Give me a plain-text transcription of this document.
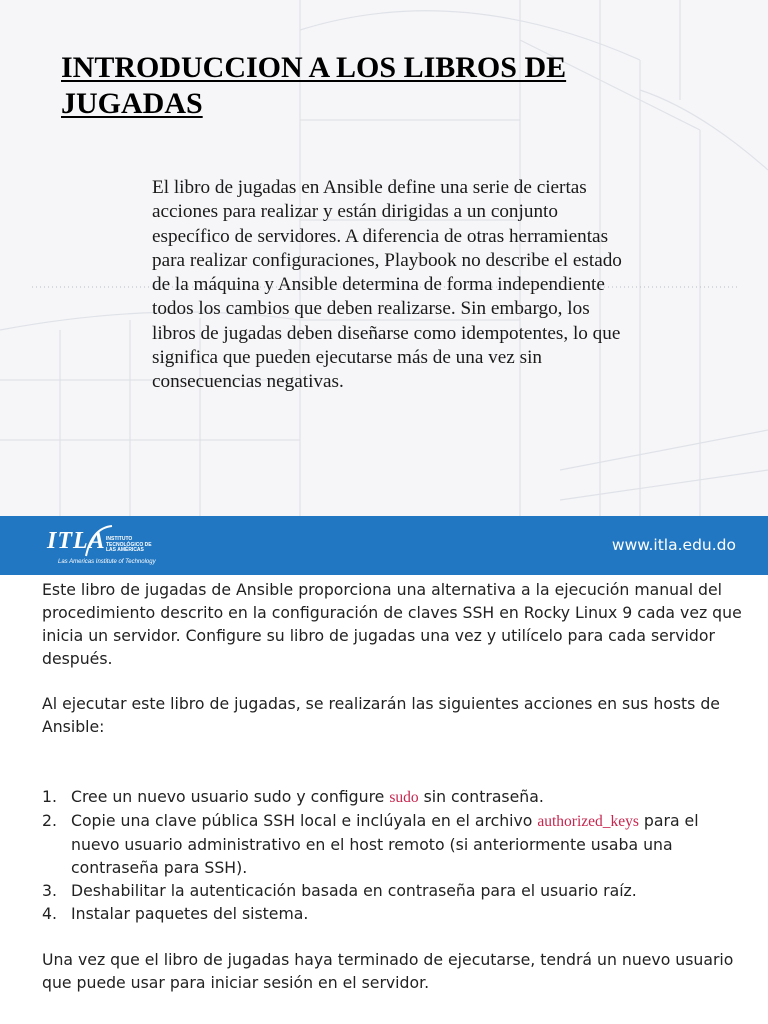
INTRODUCCION A LOS LIBROS DE JUGADAS

El libro de jugadas en Ansible define una serie de ciertas acciones para realizar y están dirigidas a un conjunto específico de servidores. A diferencia de otras herramientas para realizar configuraciones, Playbook no describe el estado de la máquina y Ansible determina de forma independiente todos los cambios que deben realizarse. Sin embargo, los libros de jugadas deben diseñarse como idempotentes, lo que significa que pueden ejecutarse más de una vez sin consecuencias negativas.

ITLA INSTITUTO TECNOLÓGICO DE LAS AMÉRICAS
Las Americas Institute of Technology
www.itla.edu.do

Este libro de jugadas de Ansible proporciona una alternativa a la ejecución manual del procedimiento descrito en la configuración de claves SSH en Rocky Linux 9 cada vez que inicia un servidor. Configure su libro de jugadas una vez y utilícelo para cada servidor después.

Al ejecutar este libro de jugadas, se realizarán las siguientes acciones en sus hosts de Ansible:

1. Cree un nuevo usuario sudo y configure sudo sin contraseña.
2. Copie una clave pública SSH local e inclúyala en el archivo authorized_keys para el nuevo usuario administrativo en el host remoto (si anteriormente usaba una contraseña para SSH).
3. Deshabilitar la autenticación basada en contraseña para el usuario raíz.
4. Instalar paquetes del sistema.

Una vez que el libro de jugadas haya terminado de ejecutarse, tendrá un nuevo usuario que puede usar para iniciar sesión en el servidor.
